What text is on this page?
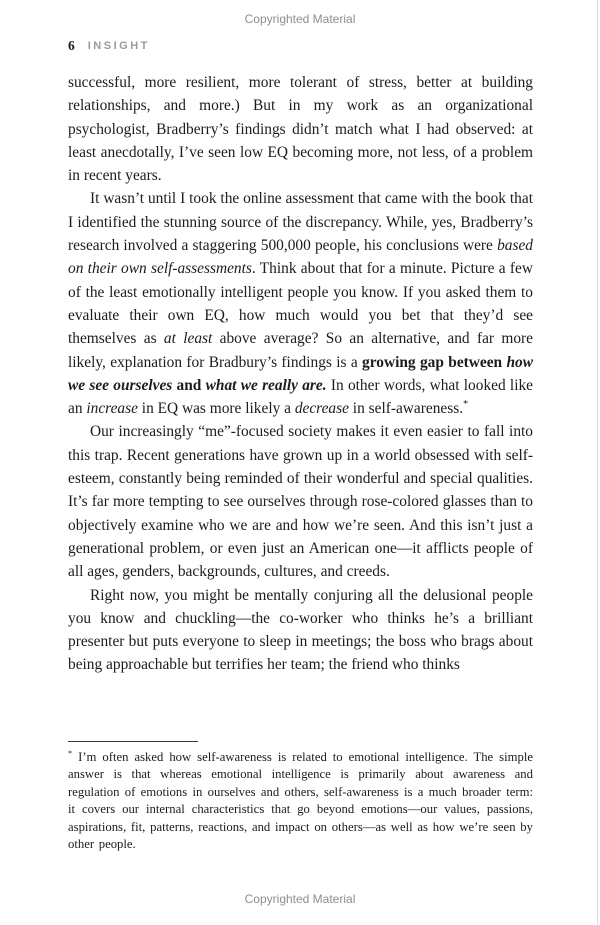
Copyrighted Material
6 INSIGHT

successful, more resilient, more tolerant of stress, better at building relationships, and more.) But in my work as an organizational psychologist, Bradberry’s findings didn’t match what I had observed: at least anecdotally, I’ve seen low EQ becoming more, not less, of a problem in recent years.

It wasn’t until I took the online assessment that came with the book that I identified the stunning source of the discrepancy. While, yes, Bradberry’s research involved a staggering 500,000 people, his conclusions were based on their own self-assessments. Think about that for a minute. Picture a few of the least emotionally intelligent people you know. If you asked them to evaluate their own EQ, how much would you bet that they’d see themselves as at least above average? So an alternative, and far more likely, explanation for Bradbury’s findings is a growing gap between how we see ourselves and what we really are. In other words, what looked like an increase in EQ was more likely a decrease in self-awareness.*

Our increasingly “me”-focused society makes it even easier to fall into this trap. Recent generations have grown up in a world obsessed with self-esteem, constantly being reminded of their wonderful and special qualities. It’s far more tempting to see ourselves through rose-colored glasses than to objectively examine who we are and how we’re seen. And this isn’t just a generational problem, or even just an American one—it afflicts people of all ages, genders, backgrounds, cultures, and creeds.

Right now, you might be mentally conjuring all the delusional people you know and chuckling—the co-worker who thinks he’s a brilliant presenter but puts everyone to sleep in meetings; the boss who brags about being approachable but terrifies her team; the friend who thinks

* I’m often asked how self-awareness is related to emotional intelligence. The simple answer is that whereas emotional intelligence is primarily about awareness and regulation of emotions in ourselves and others, self-awareness is a much broader term: it covers our internal characteristics that go beyond emotions—our values, passions, aspirations, fit, patterns, reactions, and impact on others—as well as how we’re seen by other people.

Copyrighted Material
